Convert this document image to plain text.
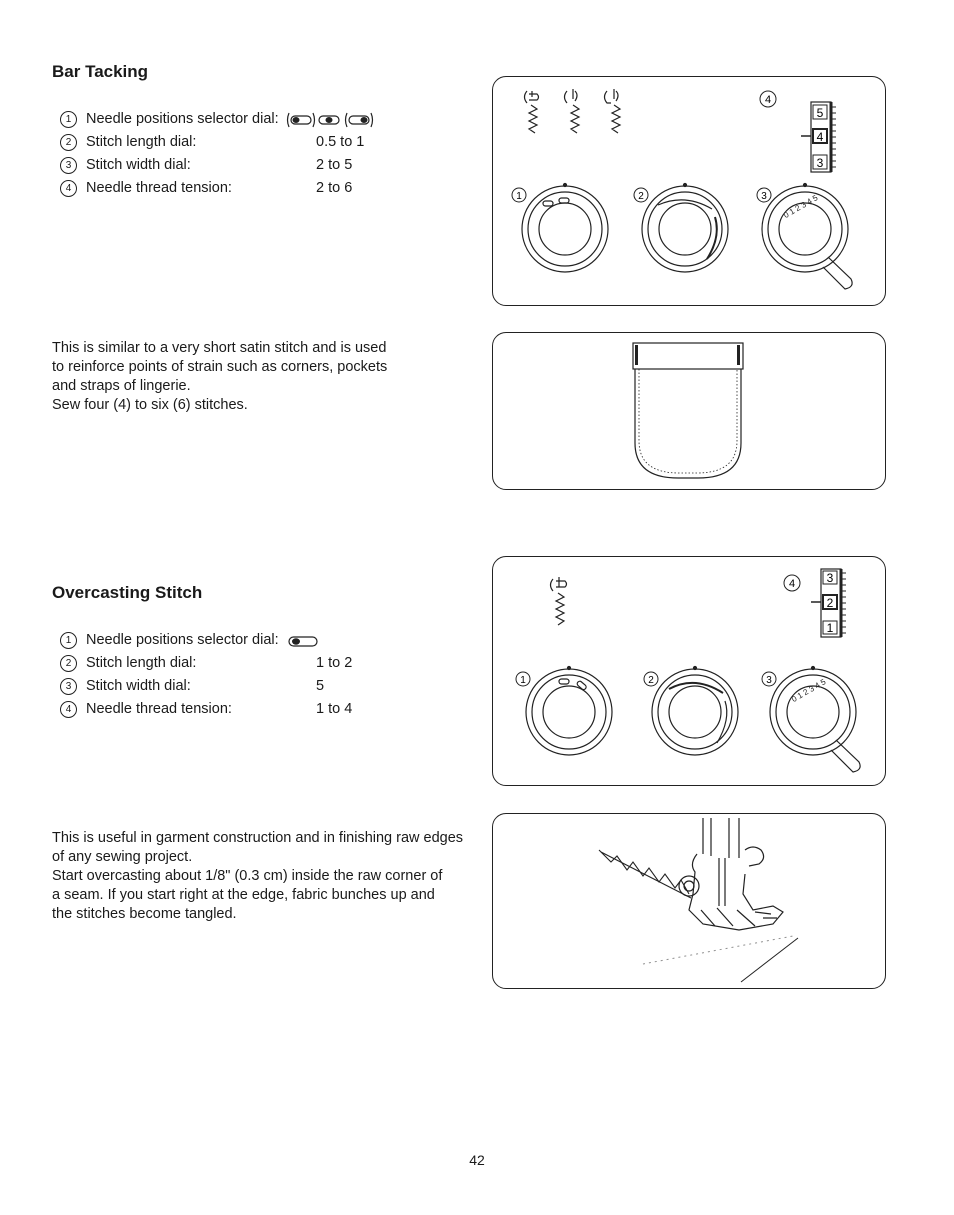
Bar Tacking
1	Needle positions selector dial:
2	Stitch length dial:	0.5 to 1
3	Stitch width dial:	2 to 5
4	Needle thread tension:	2 to 6
4
5
4
3
1	2	3 0 1 2 3 4 5
This is similar to a very short satin stitch and is used
to reinforce points of strain such as corners, pockets
and straps of lingerie.
Sew four (4) to six (6) stitches.
Overcasting Stitch
1	Needle positions selector dial:
2	Stitch length dial:	1 to 2
3	Stitch width dial:	5
4	Needle thread tension:	1 to 4
4	3
2
1
1	2	3 0 1 2 3 4 5
This is useful in garment construction and in finishing raw edges
of any sewing project.
Start overcasting about 1/8" (0.3 cm) inside the raw corner of
a seam. If you start right at the edge, fabric bunches up and
the stitches become tangled.
42
